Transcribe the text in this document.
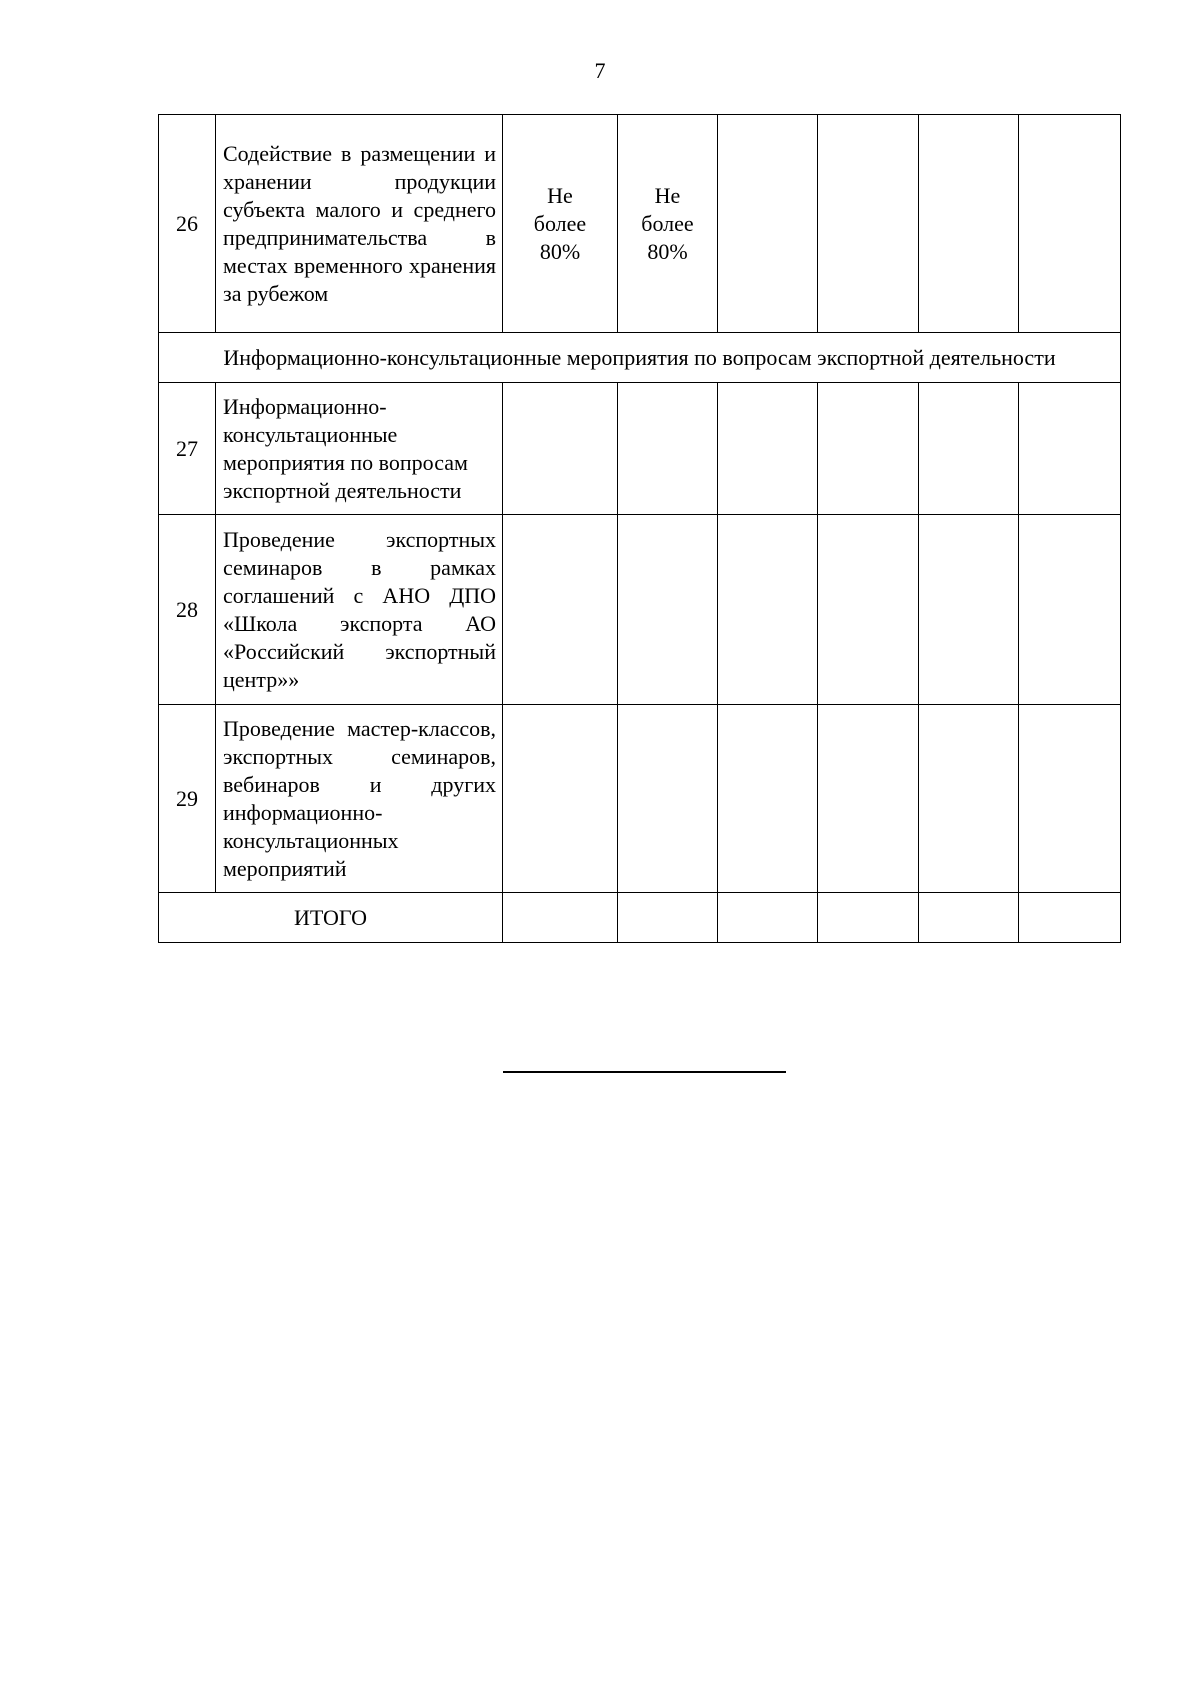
7
26	Содействие в размещении и хранении продукции субъекта малого и среднего предпринимательства в местах временного хранения за рубежом	Не более 80%	Не более 80%				

Информационно-консультационные мероприятия по вопросам экспортной деятельности							
27	Информационно-консультационные мероприятия по вопросам экспортной деятельности						
28	Проведение экспортных семинаров в рамках соглашений с АНО ДПО «Школа экспорта АО «Российский экспортный центр»»						
29	Проведение мастер-классов, экспортных семинаров, вебинаров и других информационно-консультационных мероприятий						
ИТОГО							
